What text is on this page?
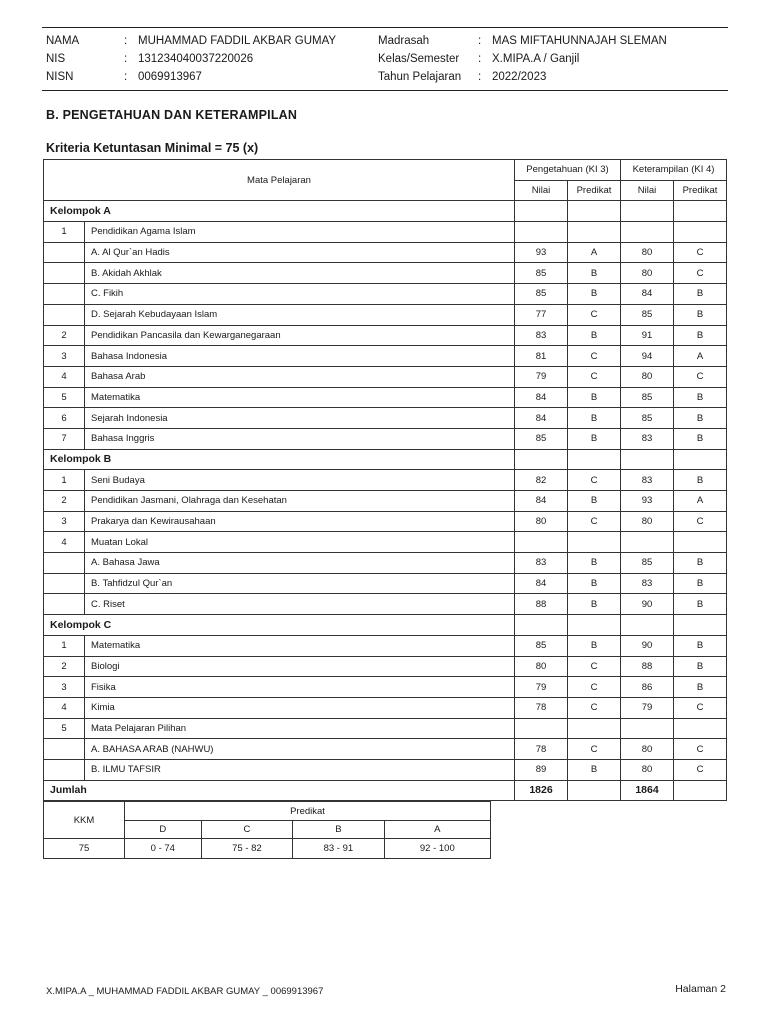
NAMA	: MUHAMMAD FADDIL AKBAR GUMAY
NIS	: 131234040037220026
NISN	: 0069913967
Madrasah	: MAS MIFTAHUNNAJAH SLEMAN
Kelas/Semester	: X.MIPA.A / Ganjil
Tahun Pelajaran	: 2022/2023
B. PENGETAHUAN DAN KETERAMPILAN
Kriteria Ketuntasan Minimal = 75 (x)
Mata Pelajaran		Pengetahuan (KI 3)		Keterampilan (KI 4)	
		Nilai	Predikat	Nilai	Predikat
Kelompok A					
1	Pendidikan Agama Islam				
	A. Al Qur`an Hadis	93	A	80	C
	B. Akidah Akhlak	85	B	80	C
	C. Fikih	85	B	84	B
	D. Sejarah Kebudayaan Islam	77	C	85	B
2	Pendidikan Pancasila dan Kewarganegaraan	83	B	91	B
3	Bahasa Indonesia	81	C	94	A
4	Bahasa Arab	79	C	80	C
5	Matematika	84	B	85	B
6	Sejarah Indonesia	84	B	85	B
7	Bahasa Inggris	85	B	83	B
Kelompok B					
1	Seni Budaya	82	C	83	B
2	Pendidikan Jasmani, Olahraga dan Kesehatan	84	B	93	A
3	Prakarya dan Kewirausahaan	80	C	80	C
4	Muatan Lokal				
	A. Bahasa Jawa	83	B	85	B
	B. Tahfidzul Qur`an	84	B	83	B
	C. Riset	88	B	90	B
Kelompok C					
1	Matematika	85	B	90	B
2	Biologi	80	C	88	B
3	Fisika	79	C	86	B
4	Kimia	78	C	79	C
5	Mata Pelajaran Pilihan				
	A. BAHASA ARAB (NAHWU)	78	C	80	C
	B. ILMU TAFSIR	89	B	80	C
Jumlah		1826		1864	
KKM	Predikat			
	D	C	B	A
75	0 - 74	75 - 82	83 - 91	92 - 100
X.MIPA.A _ MUHAMMAD FADDIL AKBAR GUMAY _ 0069913967	Halaman 2
